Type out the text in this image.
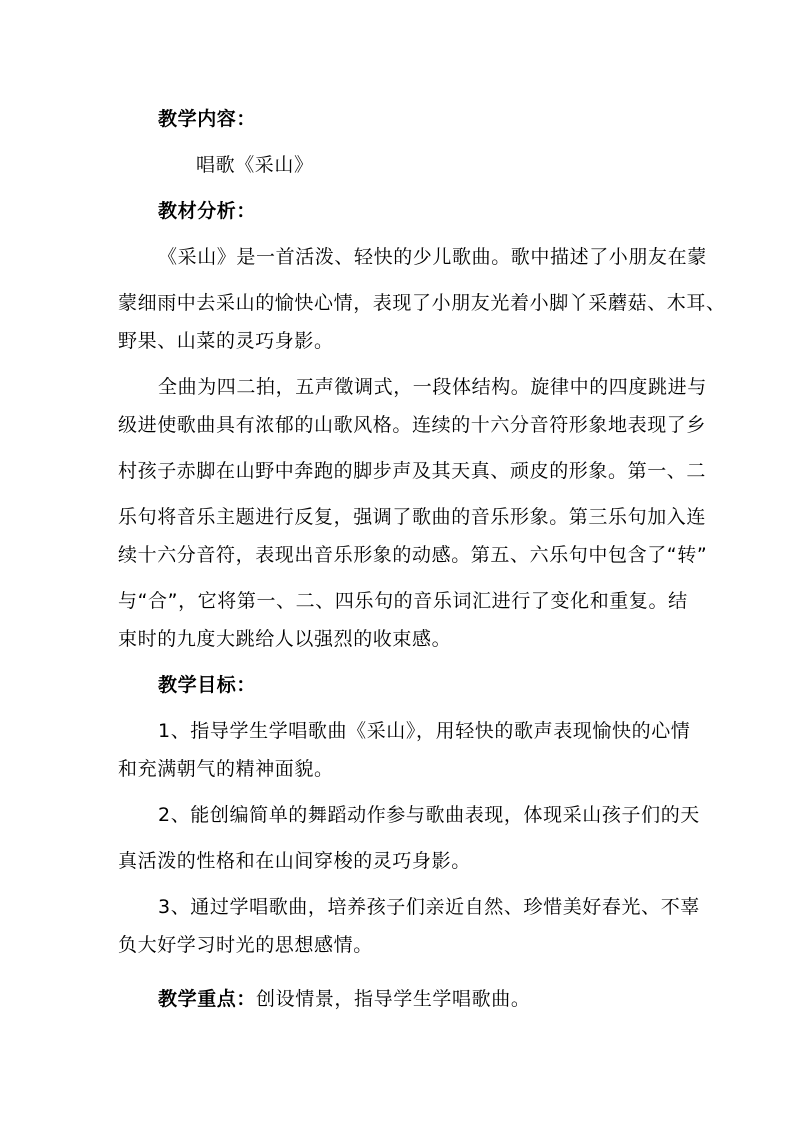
教学内容：
唱歌《采山》
教材分析：
《采山》是一首活泼、轻快的少儿歌曲。歌中描述了小朋友在蒙
蒙细雨中去采山的愉快心情，表现了小朋友光着小脚丫采蘑菇、木耳、
野果、山菜的灵巧身影。
全曲为四二拍，五声徵调式，一段体结构。旋律中的四度跳进与
级进使歌曲具有浓郁的山歌风格。连续的十六分音符形象地表现了乡
村孩子赤脚在山野中奔跑的脚步声及其天真、顽皮的形象。第一、二
乐句将音乐主题进行反复，强调了歌曲的音乐形象。第三乐句加入连
续十六分音符，表现出音乐形象的动感。第五、六乐句中包含了“转”
与“合”，它将第一、二、四乐句的音乐词汇进行了变化和重复。结
束时的九度大跳给人以强烈的收束感。
教学目标：
1、指导学生学唱歌曲《采山》，用轻快的歌声表现愉快的心情
和充满朝气的精神面貌。
2、能创编简单的舞蹈动作参与歌曲表现，体现采山孩子们的天
真活泼的性格和在山间穿梭的灵巧身影。
3、通过学唱歌曲，培养孩子们亲近自然、珍惜美好春光、不辜
负大好学习时光的思想感情。
教学重点：创设情景，指导学生学唱歌曲。
